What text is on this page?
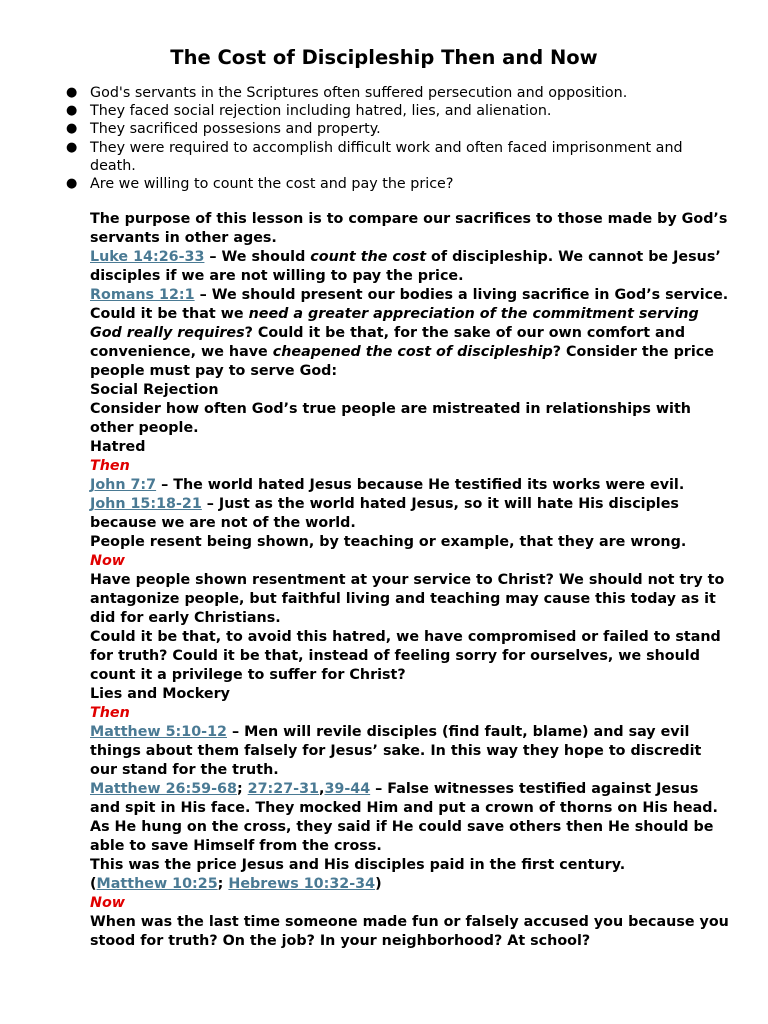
The Cost of Discipleship Then and Now
● God's servants in the Scriptures often suffered persecution and opposition.
● They faced social rejection including hatred, lies, and alienation.
● They sacrificed possesions and property.
● They were required to accomplish difficult work and often faced imprisonment and death.
● Are we willing to count the cost and pay the price?

The purpose of this lesson is to compare our sacrifices to those made by God’s servants in other ages.

Luke 14:26-33 – We should count the cost of discipleship. We cannot be Jesus’ disciples if we are not willing to pay the price.

Romans 12:1 – We should present our bodies a living sacrifice in God’s service. Could it be that we need a greater appreciation of the commitment serving God really requires? Could it be that, for the sake of our own comfort and convenience, we have cheapened the cost of discipleship? Consider the price people must pay to serve God:

Social Rejection

Consider how often God’s true people are mistreated in relationships with other people.

Hatred

Then

John 7:7 – The world hated Jesus because He testified its works were evil.

John 15:18-21 – Just as the world hated Jesus, so it will hate His disciples because we are not of the world.

People resent being shown, by teaching or example, that they are wrong.

Now

Have people shown resentment at your service to Christ? We should not try to antagonize people, but faithful living and teaching may cause this today as it did for early Christians.

Could it be that, to avoid this hatred, we have compromised or failed to stand for truth? Could it be that, instead of feeling sorry for ourselves, we should count it a privilege to suffer for Christ?

Lies and Mockery

Then

Matthew 5:10-12 – Men will revile disciples (find fault, blame) and say evil things about them falsely for Jesus’ sake. In this way they hope to discredit our stand for the truth.

Matthew 26:59-68; 27:27-31,39-44 – False witnesses testified against Jesus and spit in His face. They mocked Him and put a crown of thorns on His head. As He hung on the cross, they said if He could save others then He should be able to save Himself from the cross.

This was the price Jesus and His disciples paid in the first century.

(Matthew 10:25; Hebrews 10:32-34)

Now

When was the last time someone made fun or falsely accused you because you stood for truth? On the job? In your neighborhood? At school?
